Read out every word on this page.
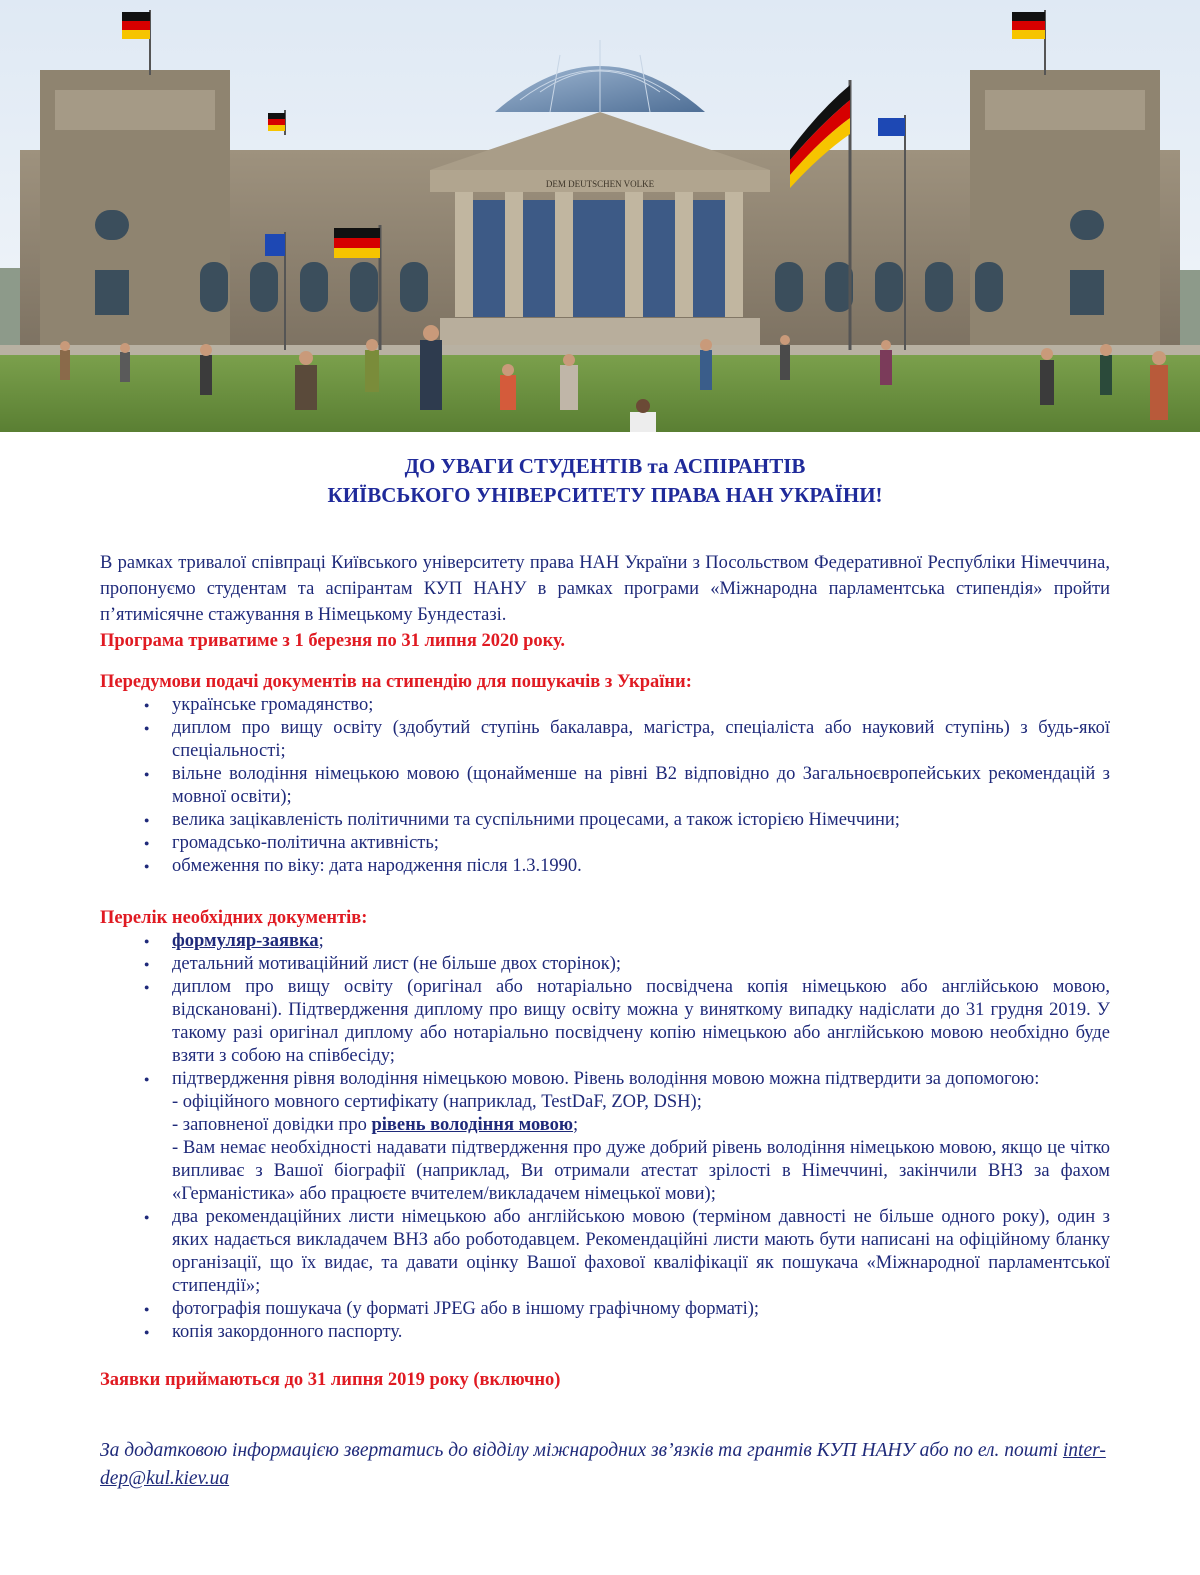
DEM DEUTSCHEN VOLKE

ДО УВАГИ СТУДЕНТІВ та АСПІРАНТІВ

КИЇВСЬКОГО УНІВЕРСИТЕТУ ПРАВА НАН УКРАЇНИ!

В рамках тривалої співпраці Київського університету права НАН України з Посольством Федеративної Республіки Німеччина, пропонуємо студентам та аспірантам КУП НАНУ в рамках програми «Міжнародна парламентська стипендія» пройти п’ятимісячне стажування в Німецькому Бундестазі.

Програма триватиме з 1 березня по 31 липня 2020 року.

Передумови подачі документів на стипендію для пошукачів з України:

● українське громадянство;
● диплом про вищу освіту (здобутий ступінь бакалавра, магістра, спеціаліста або науковий ступінь) з будь-якої спеціальності;
● вільне володіння німецькою мовою (щонайменше на рівні В2 відповідно до Загальноєвропейських рекомендацій з мовної освіти);
● велика зацікавленість політичними та суспільними процесами, а також історією Німеччини;
● громадсько-політична активність;
● обмеження по віку: дата народження після 1.3.1990.

Перелік необхідних документів:

● формуляр-заявка;
● детальний мотиваційний лист (не більше двох сторінок);
● диплом про вищу освіту (оригінал або нотаріально посвідчена копія німецькою або англійською мовою, відскановані). Підтвердження диплому про вищу освіту можна у виняткому випадку надіслати до 31 грудня 2019. У такому разі оригінал диплому або нотаріально посвідчену копію німецькою або англійською мовою необхідно буде взяти з собою на співбесіду;
● підтвердження рівня володіння німецькою мовою. Рівень володіння мовою можна підтвердити за допомогою:
- офіційного мовного сертифікату (наприклад, TestDaF, ZOP, DSH);
- заповненої довідки про рівень володіння мовою;
- Вам немає необхідності надавати підтвердження про дуже добрий рівень володіння німецькою мовою, якщо це чітко випливає з Вашої біографії (наприклад, Ви отримали атестат зрілості в Німеччині, закінчили ВНЗ за фахом «Германістика» або працюєте вчителем/викладачем німецької мови);
● два рекомендаційних листи німецькою або англійською мовою (терміном давності не більше одного року), один з яких надається викладачем ВНЗ або роботодавцем. Рекомендаційні листи мають бути написані на офіційному бланку організації, що їх видає, та давати оцінку Вашої фахової кваліфікації як пошукача «Міжнародної парламентської стипендії»;
● фотографія пошукача (у форматі JPEG або в іншому графічному форматі);
● копія закордонного паспорту.

Заявки приймаються до 31 липня 2019 року (включно)

За додатковою інформацією звертатись до відділу міжнародних зв’язків та грантів КУП НАНУ або по ел. пошті inter-dep@kul.kiev.ua
